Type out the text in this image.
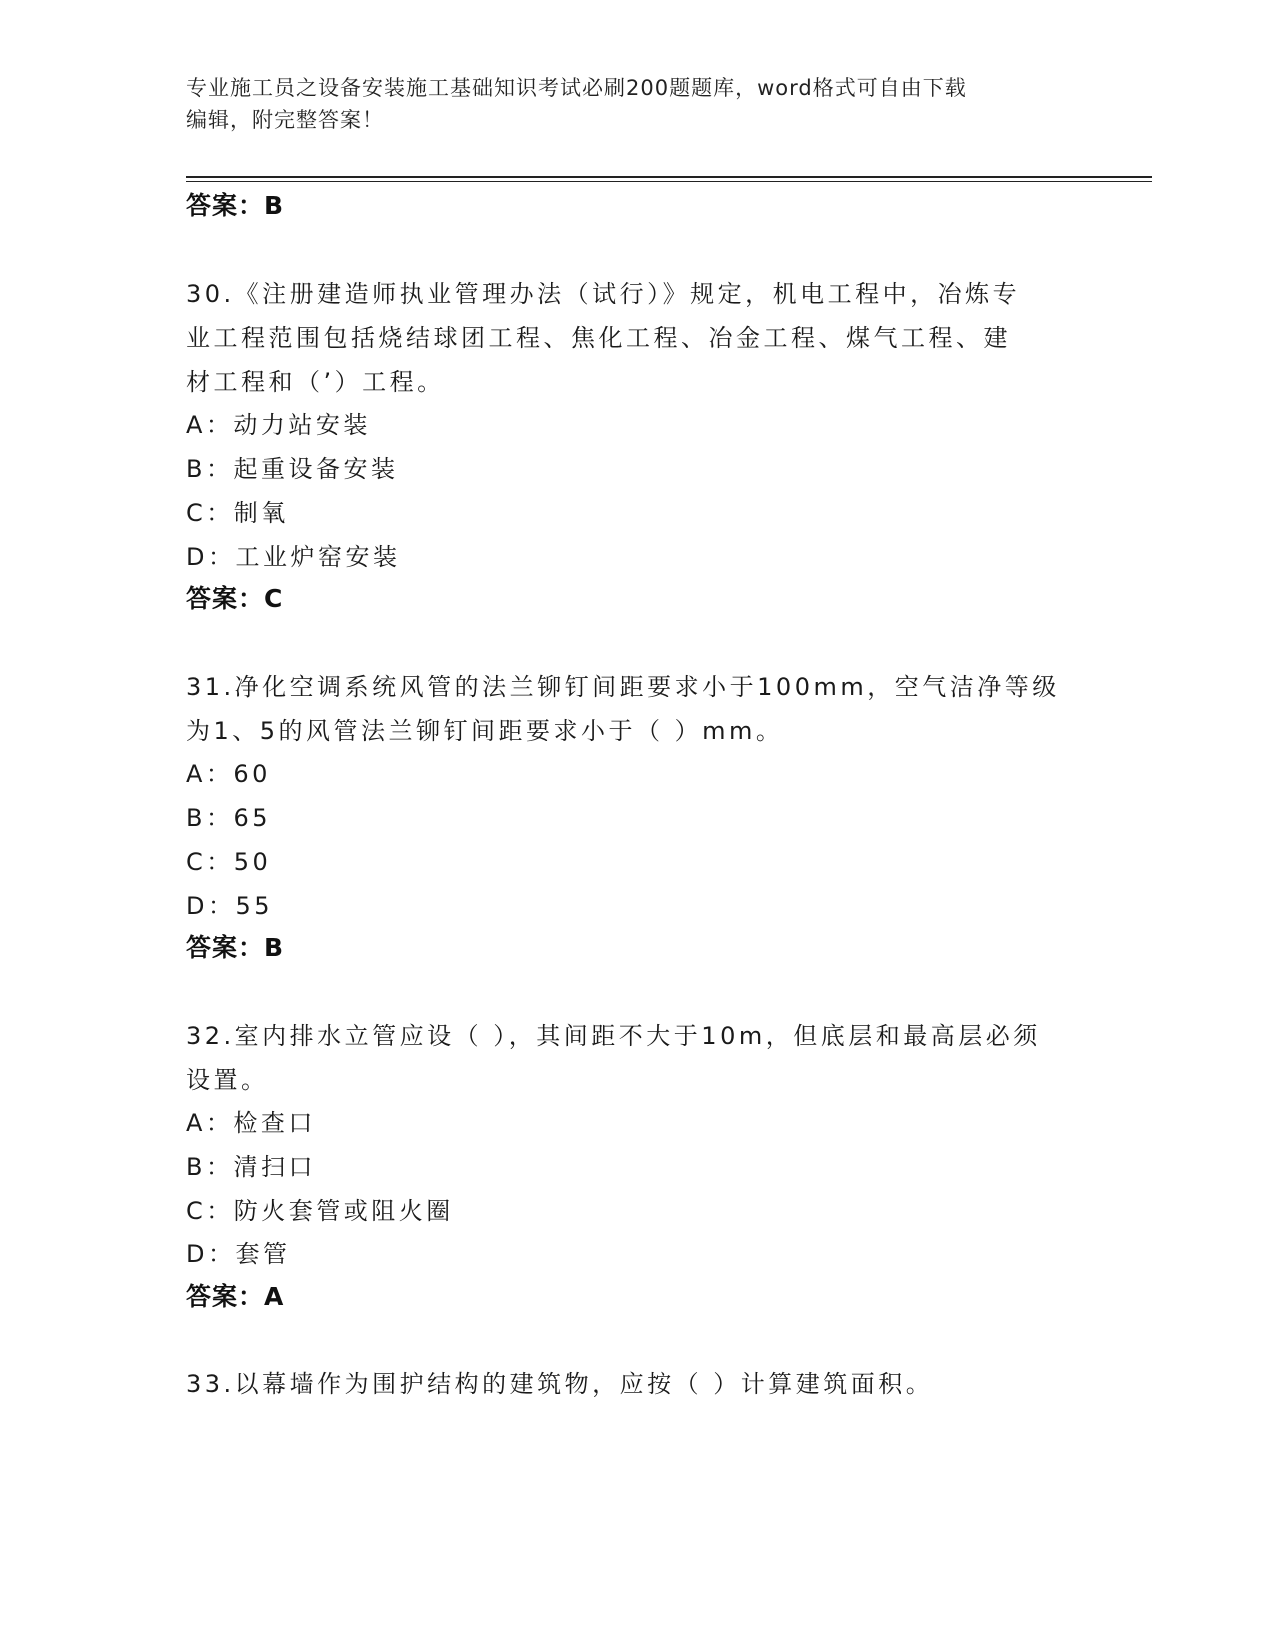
专业施工员之设备安装施工基础知识考试必刷200题题库，word格式可自由下载
编辑，附完整答案！
答案：B
30.《注册建造师执业管理办法（试行）》规定，机电工程中，冶炼专
业工程范围包括烧结球团工程、焦化工程、冶金工程、煤气工程、建
材工程和（’）工程。
A：动力站安装
B：起重设备安装
C：制氧
D：工业炉窑安装
答案：C
31.净化空调系统风管的法兰铆钉间距要求小于100mm，空气洁净等级
为1、5的风管法兰铆钉间距要求小于（ ）mm。
A：60
B：65
C：50
D：55
答案：B
32.室内排水立管应设（ ），其间距不大于10m，但底层和最高层必须
设置。
A：检查口
B：清扫口
C：防火套管或阻火圈
D：套管
答案：A
33.以幕墙作为围护结构的建筑物，应按（ ）计算建筑面积。
